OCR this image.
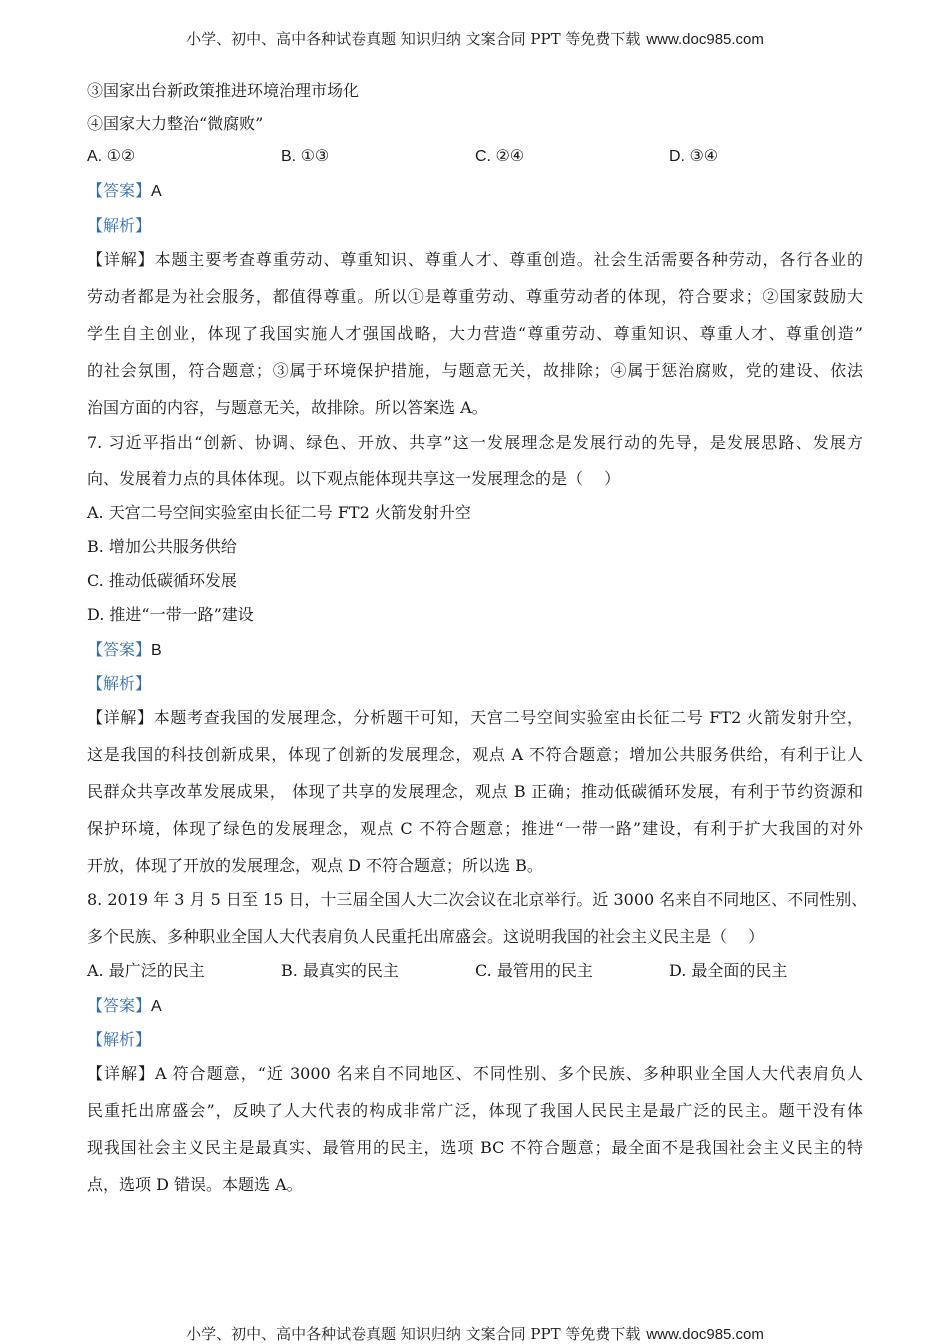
小学、初中、高中各种试卷真题 知识归纳 文案合同 PPT 等免费下载 www.doc985.com
③国家出台新政策推进环境治理市场化
④国家大力整治“微腐败”
A. ①②	B. ①③	C. ②④	D. ③④
【答案】A
【解析】
【详解】本题主要考查尊重劳动、尊重知识、尊重人才、尊重创造。社会生活需要各种劳动，各行各业的
劳动者都是为社会服务，都值得尊重。所以①是尊重劳动、尊重劳动者的体现，符合要求；②国家鼓励大
学生自主创业，体现了我国实施人才强国战略，大力营造“尊重劳动、尊重知识、尊重人才、尊重创造”
的社会氛围，符合题意；③属于环境保护措施，与题意无关，故排除；④属于惩治腐败，党的建设、依法
治国方面的内容，与题意无关，故排除。所以答案选 A。
7. 习近平指出“创新、协调、绿色、开放、共享”这一发展理念是发展行动的先导，是发展思路、发展方
向、发展着力点的具体体现。以下观点能体现共享这一发展理念的是（　 ）
A. 天宫二号空间实验室由长征二号 FT2 火箭发射升空
B. 增加公共服务供给
C. 推动低碳循环发展
D. 推进“一带一路”建设
【答案】B
【解析】
【详解】本题考查我国的发展理念，分析题干可知，天宫二号空间实验室由长征二号 FT2 火箭发射升空，
这是我国的科技创新成果，体现了创新的发展理念，观点 A 不符合题意；增加公共服务供给，有利于让人
民群众共享改革发展成果， 体现了共享的发展理念，观点 B 正确；推动低碳循环发展，有利于节约资源和
保护环境，体现了绿色的发展理念，观点 C 不符合题意；推进“一带一路”建设，有利于扩大我国的对外
开放，体现了开放的发展理念，观点 D 不符合题意；所以选 B。
8. 2019 年 3 月 5 日至 15 日，十三届全国人大二次会议在北京举行。近 3000 名来自不同地区、不同性别、
多个民族、多种职业全国人大代表肩负人民重托出席盛会。这说明我国的社会主义民主是（　 ）
A. 最广泛的民主	B. 最真实的民主	C. 最管用的民主	D. 最全面的民主
【答案】A
【解析】
【详解】A 符合题意，“近 3000 名来自不同地区、不同性别、多个民族、多种职业全国人大代表肩负人
民重托出席盛会”，反映了人大代表的构成非常广泛，体现了我国人民民主是最广泛的民主。题干没有体
现我国社会主义民主是最真实、最管用的民主，选项 BC 不符合题意；最全面不是我国社会主义民主的特
点，选项 D 错误。本题选 A。
小学、初中、高中各种试卷真题 知识归纳 文案合同 PPT 等免费下载 www.doc985.com
